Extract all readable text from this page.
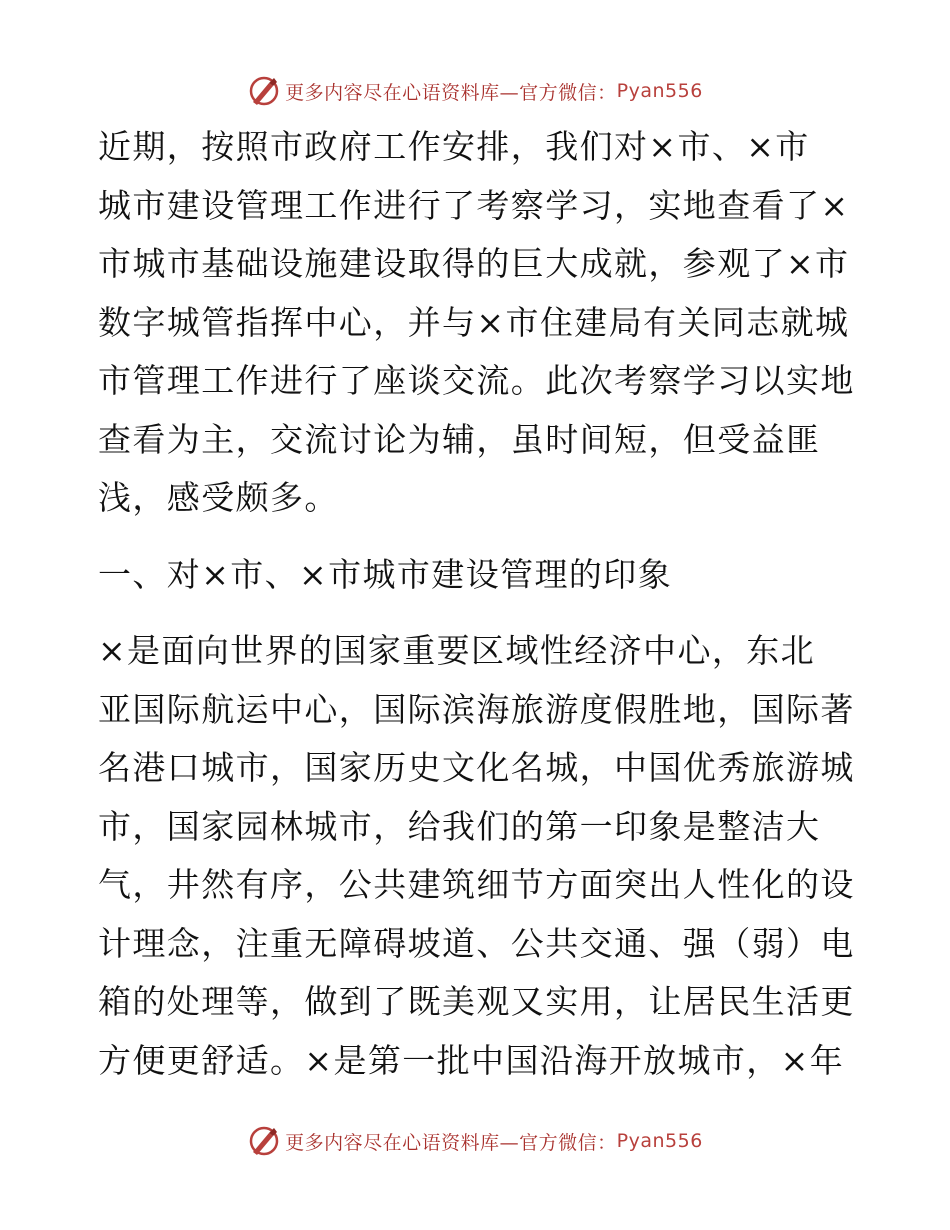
更多内容尽在心语资料库—官方微信： Pyan556
近期，按照市政府工作安排，我们对×市、×市
城市建设管理工作进行了考察学习，实地查看了×
市城市基础设施建设取得的巨大成就，参观了×市
数字城管指挥中心，并与×市住建局有关同志就城
市管理工作进行了座谈交流。此次考察学习以实地
查看为主，交流讨论为辅，虽时间短，但受益匪
浅，感受颇多。
一、对×市、×市城市建设管理的印象
×是面向世界的国家重要区域性经济中心，东北
亚国际航运中心，国际滨海旅游度假胜地，国际著
名港口城市，国家历史文化名城，中国优秀旅游城
市，国家园林城市，给我们的第一印象是整洁大
气，井然有序，公共建筑细节方面突出人性化的设
计理念，注重无障碍坡道、公共交通、强（弱）电
箱的处理等，做到了既美观又实用，让居民生活更
方便更舒适。×是第一批中国沿海开放城市，×年
更多内容尽在心语资料库—官方微信： Pyan556
